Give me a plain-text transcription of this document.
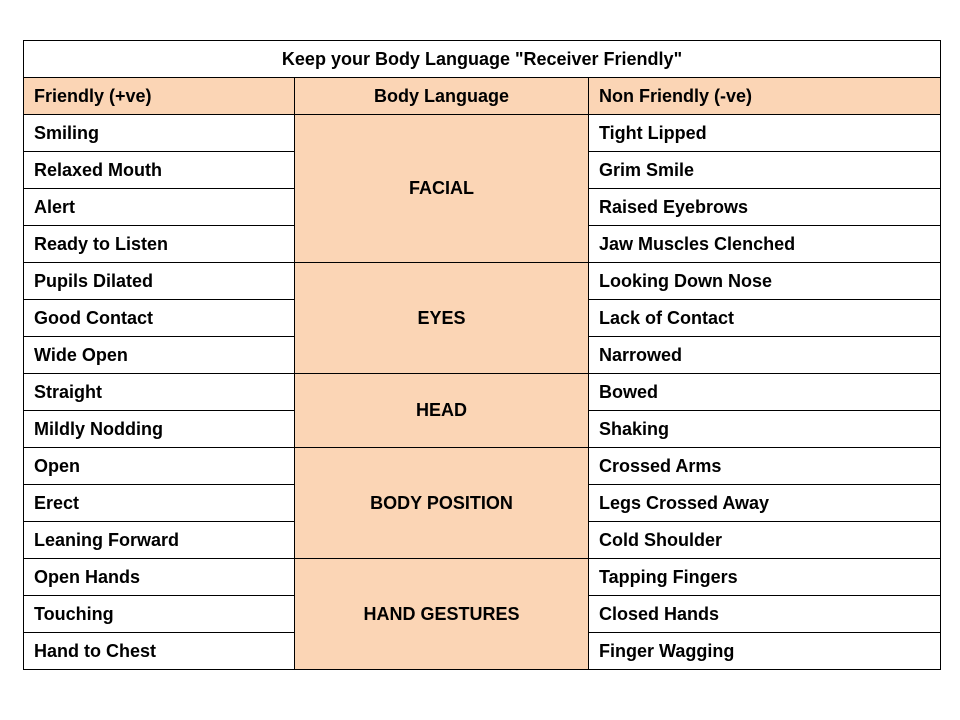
Keep your Body Language "Receiver Friendly"		
Friendly (+ve)	Body Language	Non Friendly (-ve)
Smiling	FACIAL	Tight Lipped
Relaxed Mouth		Grim Smile
Alert		Raised Eyebrows
Ready to Listen		Jaw Muscles Clenched
Pupils Dilated	EYES	Looking Down Nose
Good Contact		Lack of Contact
Wide Open		Narrowed
Straight	HEAD	Bowed
Mildly Nodding		Shaking
Open	BODY POSITION	Crossed Arms
Erect		Legs Crossed Away
Leaning Forward		Cold Shoulder
Open Hands	HAND GESTURES	Tapping Fingers
Touching		Closed Hands
Hand to Chest		Finger Wagging
